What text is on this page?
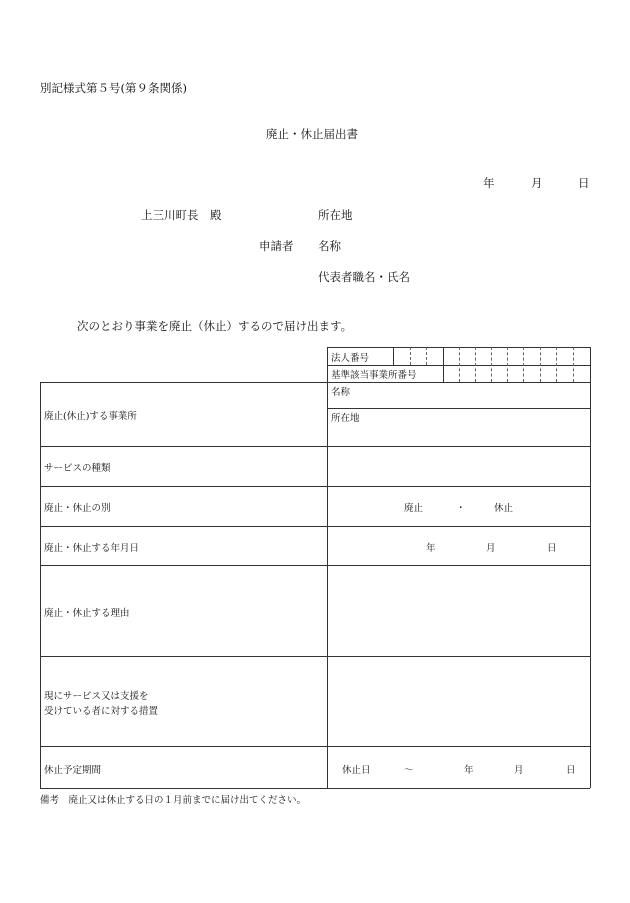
別記様式第５号(第９条関係)
廃止・休止届出書
年	月	日
上三川町長 殿	所在地
申請者 名称
代表者職名・氏名
次のとおり事業を廃止（休止）するので届け出ます。
法人番号
基準該当事業所番号
廃止(休止)する事業所
名称
所在地
サービスの種類
廃止・休止の別	廃止	・	休止
廃止・休止する年月日	年	月	日
廃止・休止する理由
現にサービス又は支援を
受けている者に対する措置
休止予定期間	休止日	～	年	月	日
備考　廃止又は休止する日の１月前までに届け出てください。
